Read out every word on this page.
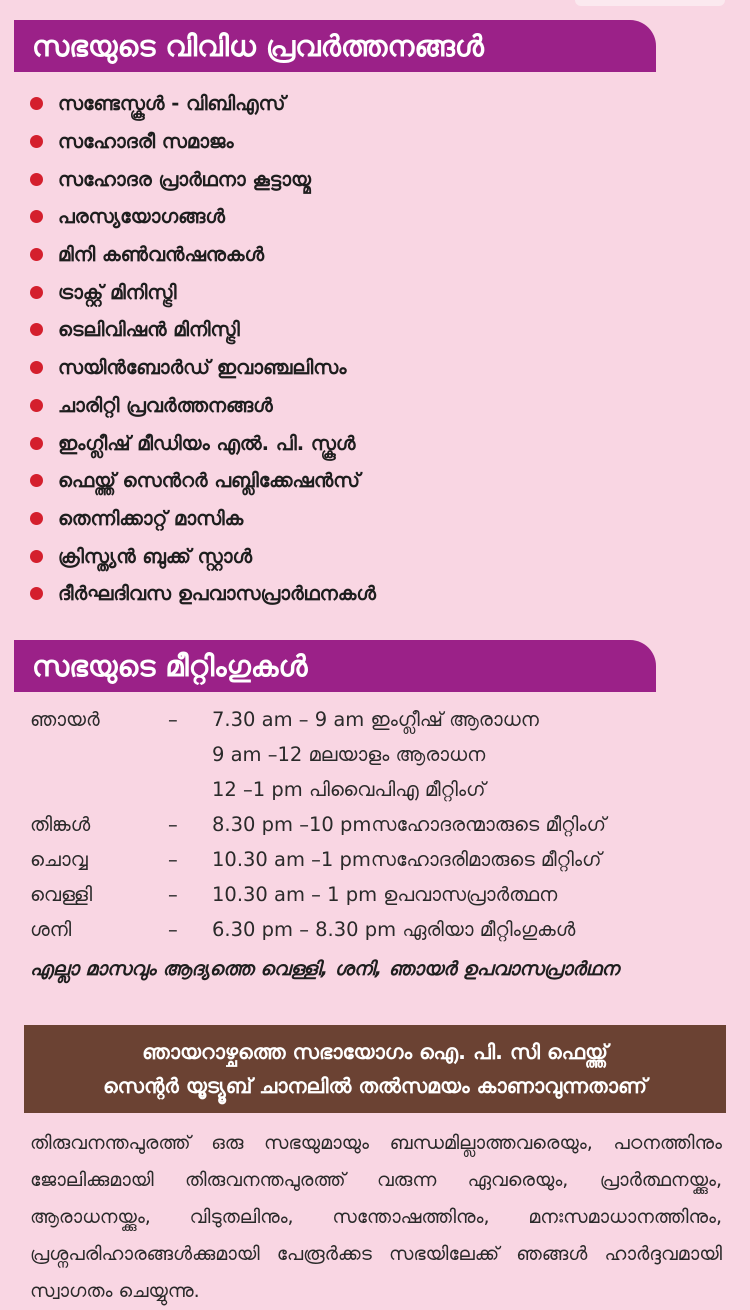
സഭയുടെ വിവിധ പ്രവർത്തനങ്ങൾ
സണ്ടേസ്കൂൾ - വിബിഎസ്
സഹോദരീ സമാജം
സഹോദര പ്രാർഥനാ കൂട്ടായ്മ
പരസ്യയോഗങ്ങൾ
മിനി കൺവൻഷനുകൾ
ട്രാക്റ്റ് മിനിസ്ട്രി
ടെലിവിഷൻ മിനിസ്ട്രി
സയിൻബോർഡ് ഇവാഞ്ചലിസം
ചാരിറ്റി പ്രവർത്തനങ്ങൾ
ഇംഗ്ലീഷ് മീഡിയം എൽ. പി. സ്കൂൾ
ഫെയ്ത്ത് സെൻറർ പബ്ലിക്കേഷൻസ്
തെന്നിക്കാറ്റ് മാസിക
ക്രിസ്ത്യൻ ബുക്ക് സ്റ്റാൾ
ദീർഘദിവസ ഉപവാസപ്രാർഥനകൾ
സഭയുടെ മീറ്റിംഗുകൾ
ഞായർ	–	7.30 am – 9 am ഇംഗ്ലീഷ് ആരാധന
9 am –12 മലയാളം ആരാധന
12 –1 pm പിവൈപിഎ മീറ്റിംഗ്
തിങ്കൾ	–	8.30 pm –10 pmസഹോദരന്മാരുടെ മീറ്റിംഗ്
ചൊവ്വ	–	10.30 am –1 pmസഹോദരിമാരുടെ മീറ്റിംഗ്
വെള്ളി	–	10.30 am – 1 pm ഉപവാസപ്രാർത്ഥന
ശനി	–	6.30 pm – 8.30 pm ഏരിയാ മീറ്റിംഗുകൾ
എല്ലാ മാസവും ആദ്യത്തെ വെള്ളി, ശനി, ഞായർ ഉപവാസപ്രാർഥന
ഞായറാഴ്ചത്തെ സഭായോഗം ഐ. പി. സി ഫെയ്ത്ത്
സെന്റർ യൂട്യൂബ് ചാനലിൽ തൽസമയം കാണാവുന്നതാണ്
തിരുവനന്തപുരത്ത് ഒരു സഭയുമായും ബന്ധമില്ലാത്തവരെയും, പഠനത്തിനും ജോലിക്കുമായി തിരുവനന്തപുരത്ത് വരുന്ന ഏവരെയും, പ്രാർത്ഥനയ്ക്കും, ആരാധനയ്ക്കും, വിടുതലിനും, സന്തോഷത്തിനും, മനഃസമാധാനത്തിനും, പ്രശ്നപരിഹാരങ്ങൾക്കുമായി പേരൂർക്കട സഭയിലേക്ക് ഞങ്ങൾ ഹാർദ്ദവമായി സ്വാഗതം ചെയ്യുന്നു.
